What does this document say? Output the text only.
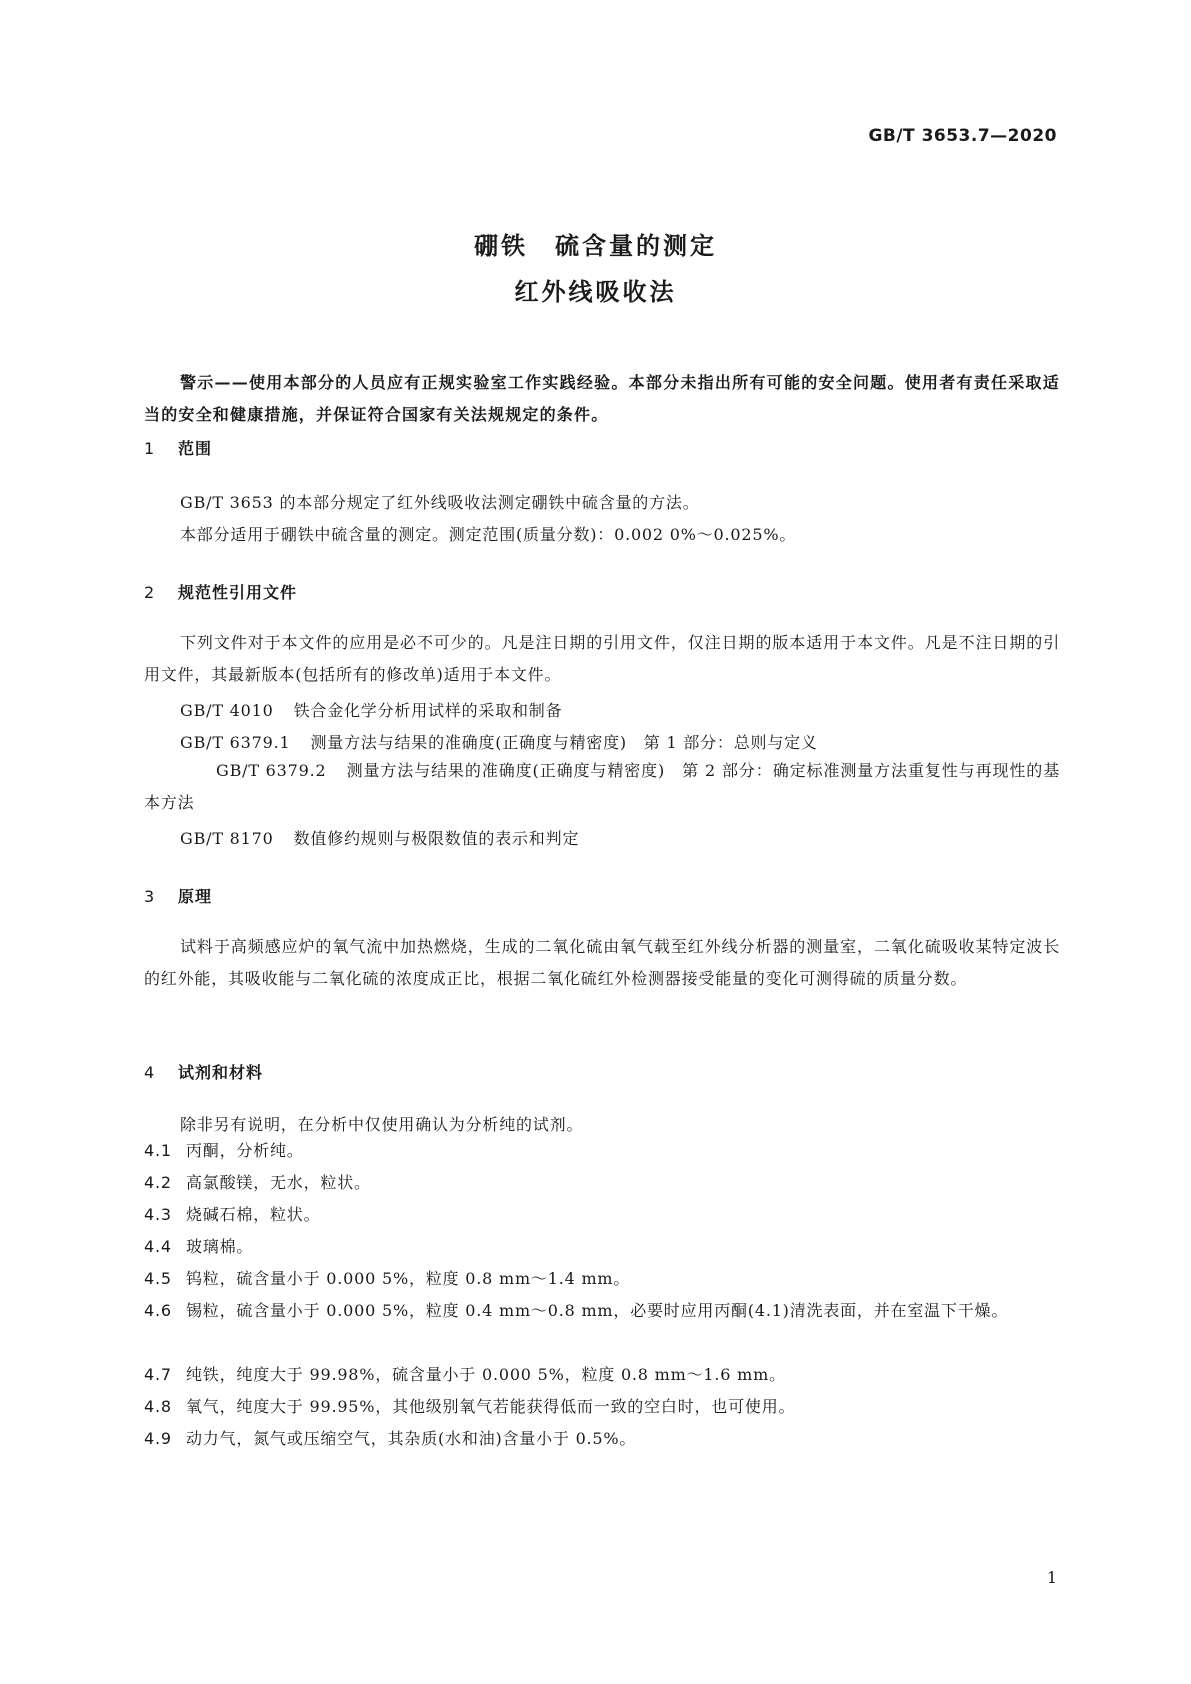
GB/T 3653.7—2020
硼铁　硫含量的测定
红外线吸收法
警示——使用本部分的人员应有正规实验室工作实践经验。本部分未指出所有可能的安全问题。使用者有责任采取适当的安全和健康措施，并保证符合国家有关法规规定的条件。
1 范围
GB/T 3653 的本部分规定了红外线吸收法测定硼铁中硫含量的方法。
本部分适用于硼铁中硫含量的测定。测定范围(质量分数)：0.002 0%～0.025%。
2 规范性引用文件
下列文件对于本文件的应用是必不可少的。凡是注日期的引用文件，仅注日期的版本适用于本文件。凡是不注日期的引用文件，其最新版本(包括所有的修改单)适用于本文件。
GB/T 4010 铁合金化学分析用试样的采取和制备
GB/T 6379.1 测量方法与结果的准确度(正确度与精密度)　第 1 部分：总则与定义
GB/T 6379.2 测量方法与结果的准确度(正确度与精密度)　第 2 部分：确定标准测量方法重复性与再现性的基本方法
GB/T 8170 数值修约规则与极限数值的表示和判定
3 原理
试料于高频感应炉的氧气流中加热燃烧，生成的二氧化硫由氧气载至红外线分析器的测量室，二氧化硫吸收某特定波长的红外能，其吸收能与二氧化硫的浓度成正比，根据二氧化硫红外检测器接受能量的变化可测得硫的质量分数。
4 试剂和材料
除非另有说明，在分析中仅使用确认为分析纯的试剂。
4.1 丙酮，分析纯。
4.2 高氯酸镁，无水，粒状。
4.3 烧碱石棉，粒状。
4.4 玻璃棉。
4.5 钨粒，硫含量小于 0.000 5%，粒度 0.8 mm～1.4 mm。
4.6 锡粒，硫含量小于 0.000 5%，粒度 0.4 mm～0.8 mm，必要时应用丙酮(4.1)清洗表面，并在室温下干燥。
4.7 纯铁，纯度大于 99.98%，硫含量小于 0.000 5%，粒度 0.8 mm～1.6 mm。
4.8 氧气，纯度大于 99.95%，其他级别氧气若能获得低而一致的空白时，也可使用。
4.9 动力气，氮气或压缩空气，其杂质(水和油)含量小于 0.5%。
1
